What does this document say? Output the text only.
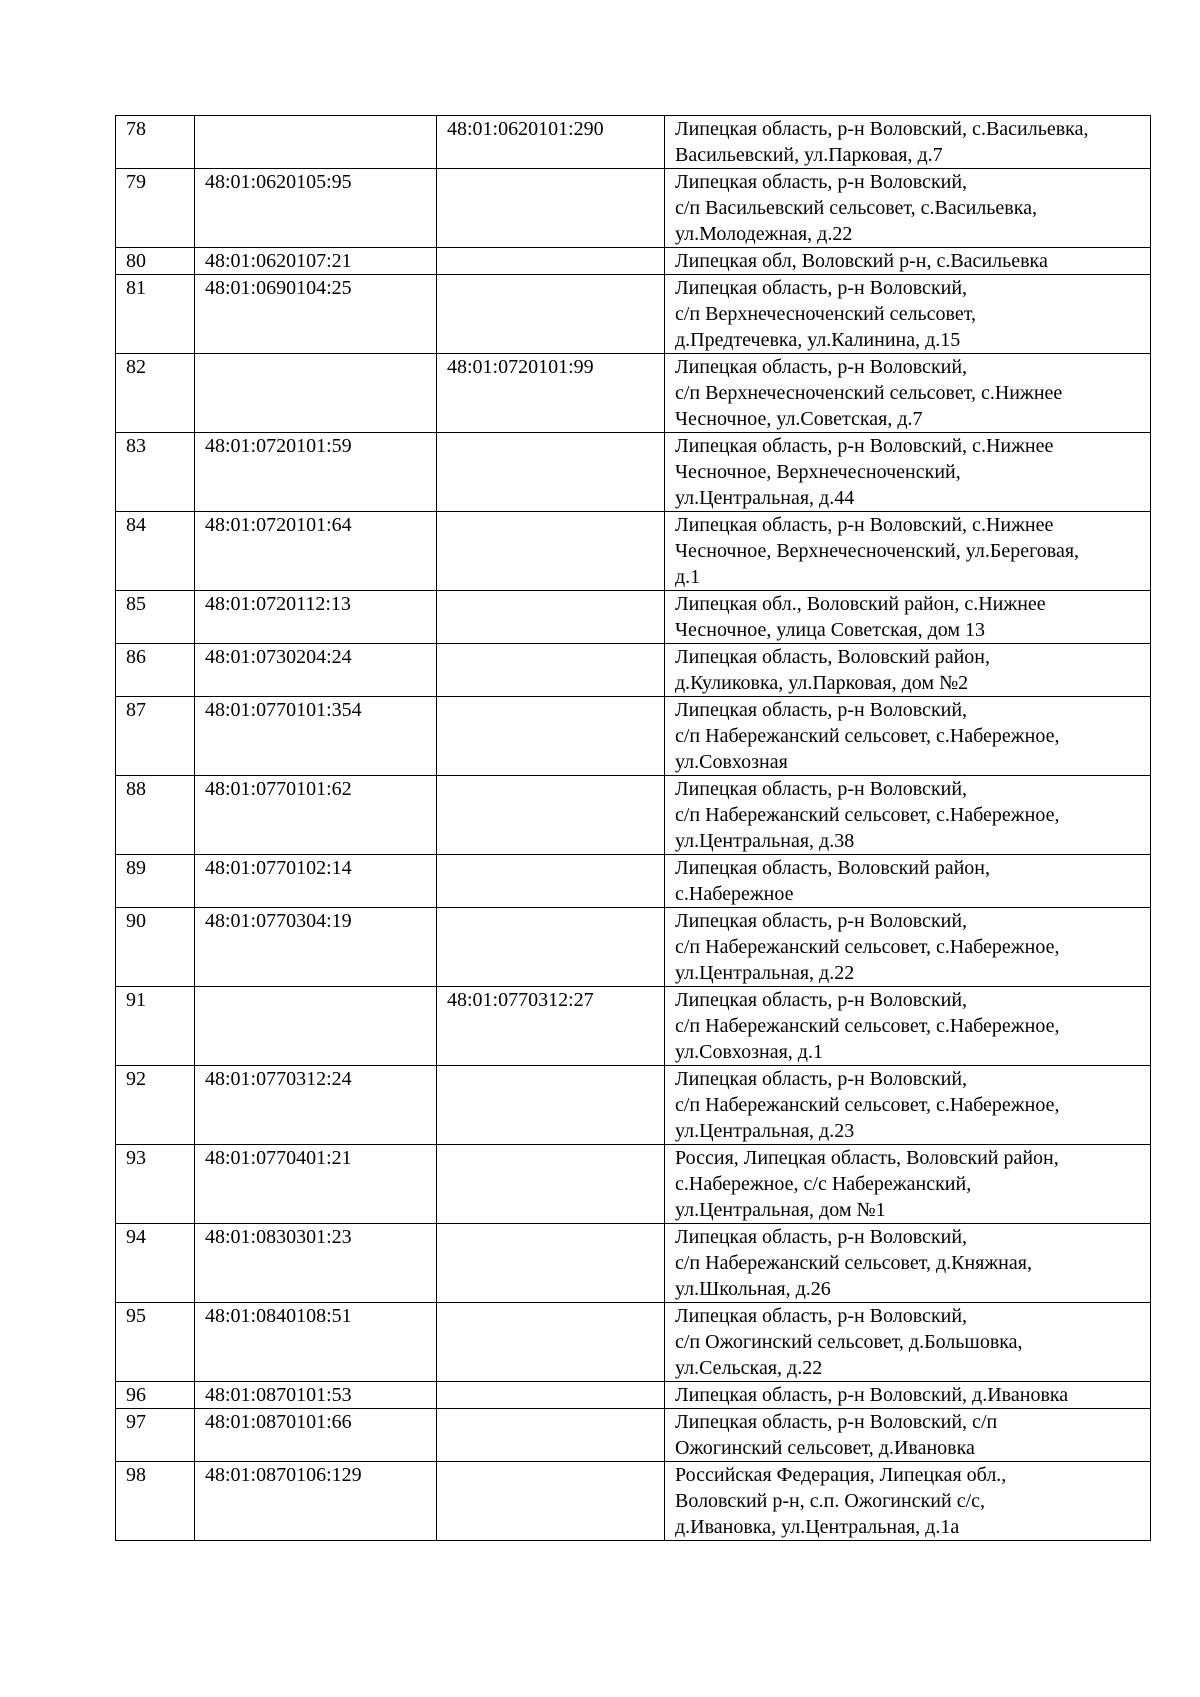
78		48:01:0620101:290	Липецкая область, р-н Воловский, с.Васильевка,
Васильевский, ул.Парковая, д.7
79	48:01:0620105:95		Липецкая область, р-н Воловский,
с/п Васильевский сельсовет, с.Васильевка,
ул.Молодежная, д.22
80	48:01:0620107:21		Липецкая обл, Воловский р-н, с.Васильевка
81	48:01:0690104:25		Липецкая область, р-н Воловский,
с/п Верхнечесноченский сельсовет,
д.Предтечевка, ул.Калинина, д.15
82		48:01:0720101:99	Липецкая область, р-н Воловский,
с/п Верхнечесноченский сельсовет, с.Нижнее
Чесночное, ул.Советская, д.7
83	48:01:0720101:59		Липецкая область, р-н Воловский, с.Нижнее
Чесночное, Верхнечесноченский,
ул.Центральная, д.44
84	48:01:0720101:64		Липецкая область, р-н Воловский, с.Нижнее
Чесночное, Верхнечесноченский, ул.Береговая,
д.1
85	48:01:0720112:13		Липецкая обл., Воловский район, с.Нижнее
Чесночное, улица Советская, дом 13
86	48:01:0730204:24		Липецкая область, Воловский район,
д.Куликовка, ул.Парковая, дом №2
87	48:01:0770101:354		Липецкая область, р-н Воловский,
с/п Набережанский сельсовет, с.Набережное,
ул.Совхозная
88	48:01:0770101:62		Липецкая область, р-н Воловский,
с/п Набережанский сельсовет, с.Набережное,
ул.Центральная, д.38
89	48:01:0770102:14		Липецкая область, Воловский район,
с.Набережное
90	48:01:0770304:19		Липецкая область, р-н Воловский,
с/п Набережанский сельсовет, с.Набережное,
ул.Центральная, д.22
91		48:01:0770312:27	Липецкая область, р-н Воловский,
с/п Набережанский сельсовет, с.Набережное,
ул.Совхозная, д.1
92	48:01:0770312:24		Липецкая область, р-н Воловский,
с/п Набережанский сельсовет, с.Набережное,
ул.Центральная, д.23
93	48:01:0770401:21		Россия, Липецкая область, Воловский район,
с.Набережное, с/с Набережанский,
ул.Центральная, дом №1
94	48:01:0830301:23		Липецкая область, р-н Воловский,
с/п Набережанский сельсовет, д.Княжная,
ул.Школьная, д.26
95	48:01:0840108:51		Липецкая область, р-н Воловский,
с/п Ожогинский сельсовет, д.Большовка,
ул.Сельская, д.22
96	48:01:0870101:53		Липецкая область, р-н Воловский, д.Ивановка
97	48:01:0870101:66		Липецкая область, р-н Воловский, с/п
Ожогинский сельсовет, д.Ивановка
98	48:01:0870106:129		Российская Федерация, Липецкая обл.,
Воловский р-н, с.п. Ожогинский с/с,
д.Ивановка, ул.Центральная, д.1а
